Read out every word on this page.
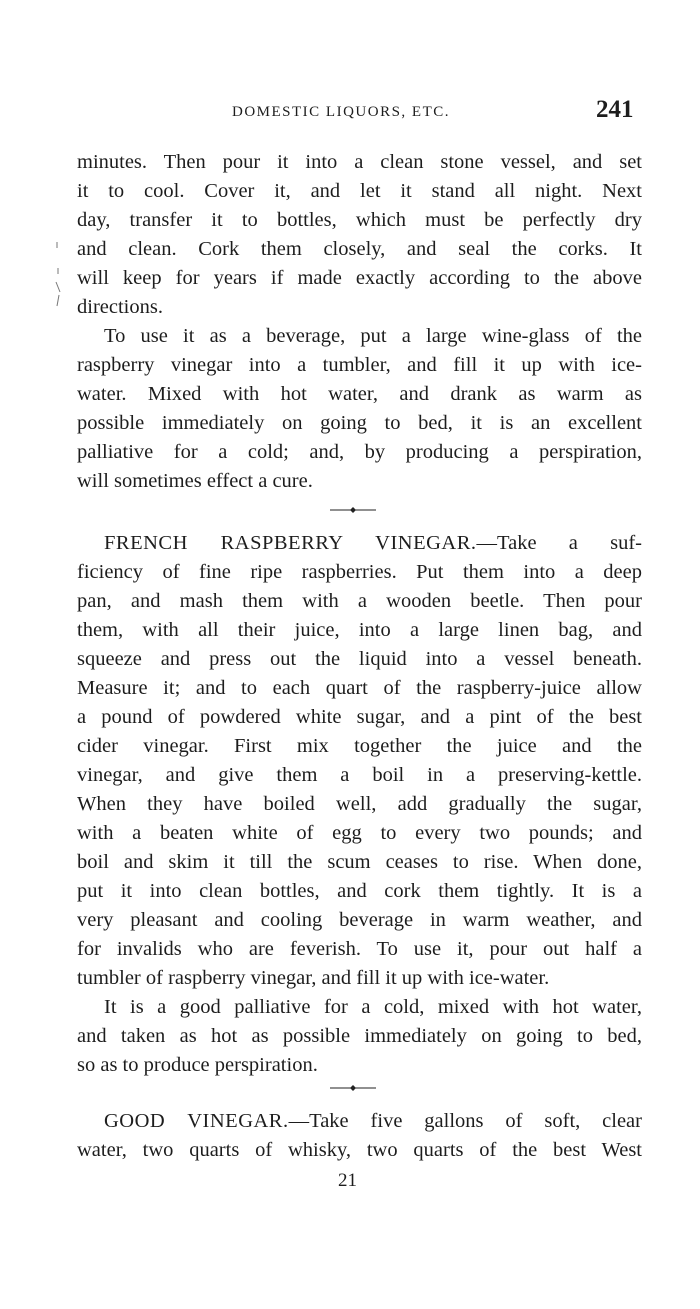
DOMESTIC LIQUORS, ETC.	241
minutes. Then pour it into a clean stone vessel, and set
it to cool. Cover it, and let it stand all night. Next
day, transfer it to bottles, which must be perfectly dry
and clean. Cork them closely, and seal the corks. It
will keep for years if made exactly according to the above
directions.
To use it as a beverage, put a large wine-glass of the
raspberry vinegar into a tumbler, and fill it up with ice-
water. Mixed with hot water, and drank as warm as
possible immediately on going to bed, it is an excellent
palliative for a cold; and, by producing a perspiration,
will sometimes effect a cure.
FRENCH RASPBERRY VINEGAR.—Take a suf-
ficiency of fine ripe raspberries. Put them into a deep
pan, and mash them with a wooden beetle. Then pour
them, with all their juice, into a large linen bag, and
squeeze and press out the liquid into a vessel beneath.
Measure it; and to each quart of the raspberry-juice allow
a pound of powdered white sugar, and a pint of the best
cider vinegar. First mix together the juice and the
vinegar, and give them a boil in a preserving-kettle.
When they have boiled well, add gradually the sugar,
with a beaten white of egg to every two pounds; and
boil and skim it till the scum ceases to rise. When done,
put it into clean bottles, and cork them tightly. It is a
very pleasant and cooling beverage in warm weather, and
for invalids who are feverish. To use it, pour out half a
tumbler of raspberry vinegar, and fill it up with ice-water.
It is a good palliative for a cold, mixed with hot water,
and taken as hot as possible immediately on going to bed,
so as to produce perspiration.
GOOD VINEGAR.—Take five gallons of soft, clear
water, two quarts of whisky, two quarts of the best West
21
